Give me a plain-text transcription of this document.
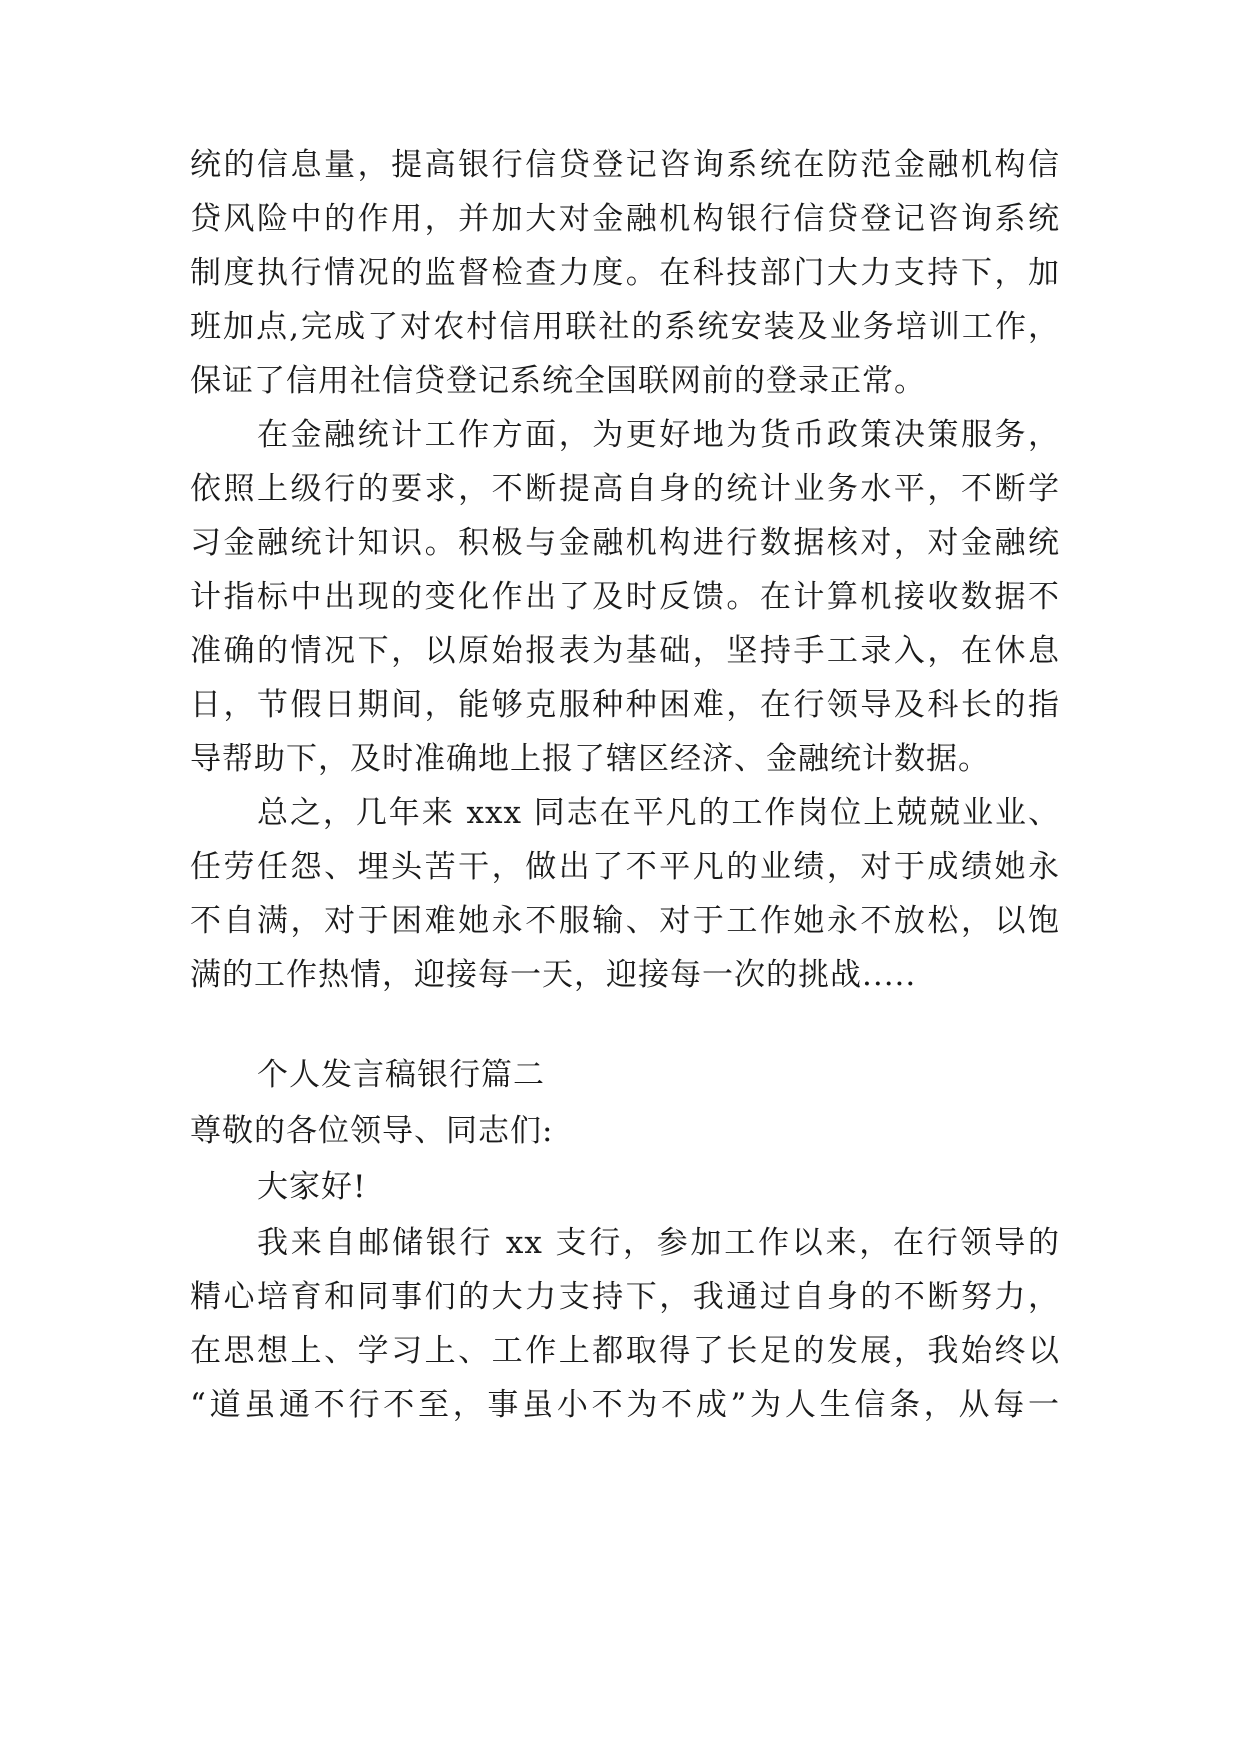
统的信息量，提高银行信贷登记咨询系统在防范金融机构信
贷风险中的作用，并加大对金融机构银行信贷登记咨询系统
制度执行情况的监督检查力度。在科技部门大力支持下，加
班加点,完成了对农村信用联社的系统安装及业务培训工作，
保证了信用社信贷登记系统全国联网前的登录正常。
在金融统计工作方面，为更好地为货币政策决策服务，
依照上级行的要求，不断提高自身的统计业务水平，不断学
习金融统计知识。积极与金融机构进行数据核对，对金融统
计指标中出现的变化作出了及时反馈。在计算机接收数据不
准确的情况下，以原始报表为基础，坚持手工录入，在休息
日，节假日期间，能够克服种种困难，在行领导及科长的指
导帮助下，及时准确地上报了辖区经济、金融统计数据。
总之，几年来 xxx 同志在平凡的工作岗位上兢兢业业、
任劳任怨、埋头苦干，做出了不平凡的业绩，对于成绩她永
不自满，对于困难她永不服输、对于工作她永不放松，以饱
满的工作热情，迎接每一天，迎接每一次的挑战.....
个人发言稿银行篇二
尊敬的各位领导、同志们:
大家好!
我来自邮储银行 xx 支行，参加工作以来，在行领导的
精心培育和同事们的大力支持下，我通过自身的不断努力，
在思想上、学习上、工作上都取得了长足的发展，我始终以
“道虽通不行不至，事虽小不为不成”为人生信条，从每一
